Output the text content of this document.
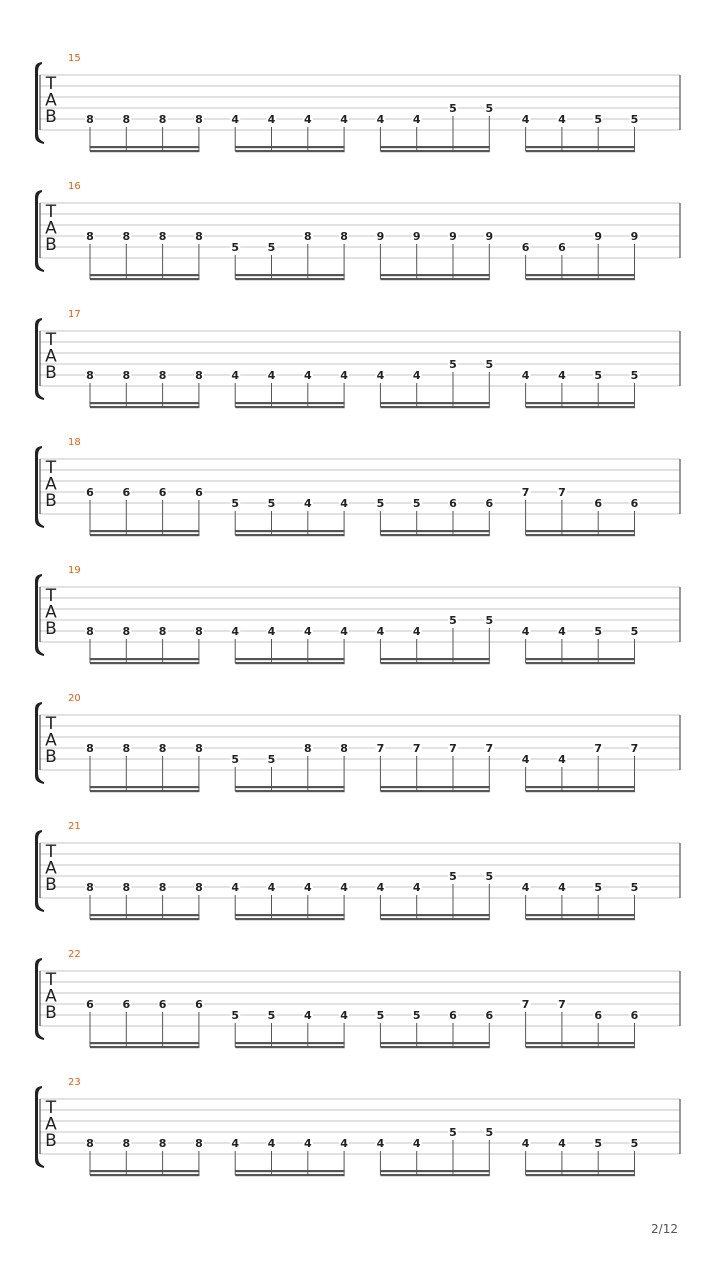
15
T
A
B	8	8	8	8	4	4	4	4	4	4
5	5
4	4	5	5
16
T
A
B	8	8	8	8
5	5
8	8	9	9	9	9
6	6
9	9
17
T
A
B	8	8	8	8	4	4	4	4	4	4
5	5
4	4	5	5
18
T
A
B	6	6	6	6
5	5	4	4	5	5	6	6
7	7
6	6
19
T
A
B	8	8	8	8	4	4	4	4	4	4
5	5
4	4	5	5
20
T
A
B	8	8	8	8
5	5
8	8	7	7	7	7
4	4
7	7
21
T
A
B	8	8	8	8	4	4	4	4	4	4
5	5
4	4	5	5
22
T
A
B	6	6	6	6
5	5	4	4	5	5	6	6
7	7
6	6
23
T
A
B	8	8	8	8	4	4	4	4	4	4
5	5
4	4	5	5
2/12
